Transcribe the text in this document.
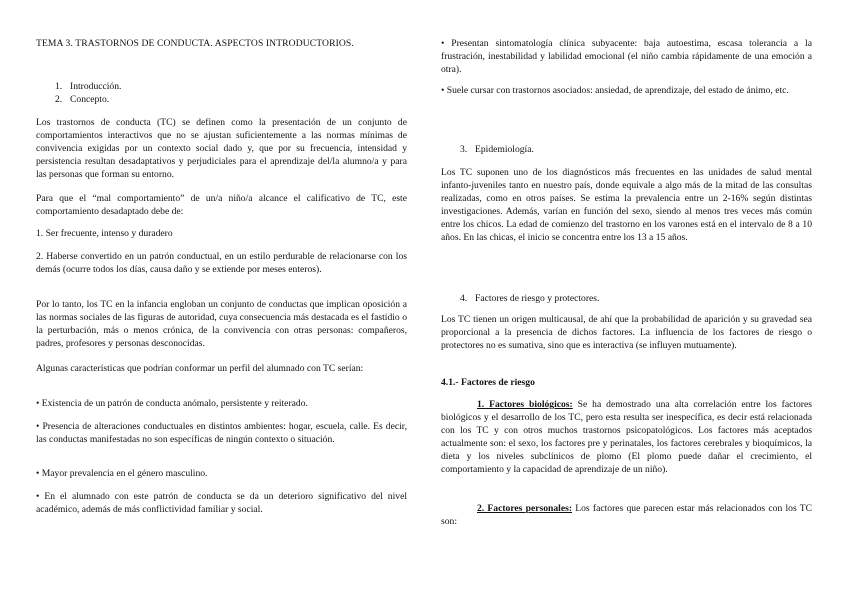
TEMA 3. TRASTORNOS DE CONDUCTA. ASPECTOS INTRODUCTORIOS.

1. Introducción.
2. Concepto.

Los trastornos de conducta (TC) se definen como la presentación de un conjunto de comportamientos interactivos que no se ajustan suficientemente a las normas mínimas de convivencia exigidas por un contexto social dado y, que por su frecuencia, intensidad y persistencia resultan desadaptativos y perjudiciales para el aprendizaje del/la alumno/a y para las personas que forman su entorno.

Para que el “mal comportamiento” de un/a niño/a alcance el calificativo de TC, este comportamiento desadaptado debe de:

1. Ser frecuente, intenso y duradero

2. Haberse convertido en un patrón conductual, en un estilo perdurable de relacionarse con los demás (ocurre todos los días, causa daño y se extiende por meses enteros).

Por lo tanto, los TC en la infancia engloban un conjunto de conductas que implican oposición a las normas sociales de las figuras de autoridad, cuya consecuencia más destacada es el fastidio o la perturbación, más o menos crónica, de la convivencia con otras personas: compañeros, padres, profesores y personas desconocidas.

Algunas características que podrían conformar un perfil del alumnado con TC serían:

• Existencia de un patrón de conducta anómalo, persistente y reiterado.

• Presencia de alteraciones conductuales en distintos ambientes: hogar, escuela, calle. Es decir, las conductas manifestadas no son específicas de ningún contexto o situación.

• Mayor prevalencia en el género masculino.

• En el alumnado con este patrón de conducta se da un deterioro significativo del nivel académico, además de más conflictividad familiar y social.

• Presentan sintomatología clínica subyacente: baja autoestima, escasa tolerancia a la frustración, inestabilidad y labilidad emocional (el niño cambia rápidamente de una emoción a otra).

• Suele cursar con trastornos asociados: ansiedad, de aprendizaje, del estado de ánimo, etc.

3. Epidemiología.

Los TC suponen uno de los diagnósticos más frecuentes en las unidades de salud mental infanto-juveniles tanto en nuestro país, donde equivale a algo más de la mitad de las consultas realizadas, como en otros países. Se estima la prevalencia entre un 2-16% según distintas investigaciones. Además, varían en función del sexo, siendo al menos tres veces más común entre los chicos. La edad de comienzo del trastorno en los varones está en el intervalo de 8 a 10 años. En las chicas, el inicio se concentra entre los 13 a 15 años.

4. Factores de riesgo y protectores.

Los TC tienen un origen multicausal, de ahí que la probabilidad de aparición y su gravedad sea proporcional a la presencia de dichos factores. La influencia de los factores de riesgo o protectores no es sumativa, sino que es interactiva (se influyen mutuamente).

4.1.- Factores de riesgo

1. Factores biológicos: Se ha demostrado una alta correlación entre los factores biológicos y el desarrollo de los TC, pero esta resulta ser inespecífica, es decir está relacionada con los TC y con otros muchos trastornos psicopatológicos. Los factores más aceptados actualmente son: el sexo, los factores pre y perinatales, los factores cerebrales y bioquímicos, la dieta y los niveles subclínicos de plomo (El plomo puede dañar el crecimiento, el comportamiento y la capacidad de aprendizaje de un niño).

2. Factores personales: Los factores que parecen estar más relacionados con los TC son:
